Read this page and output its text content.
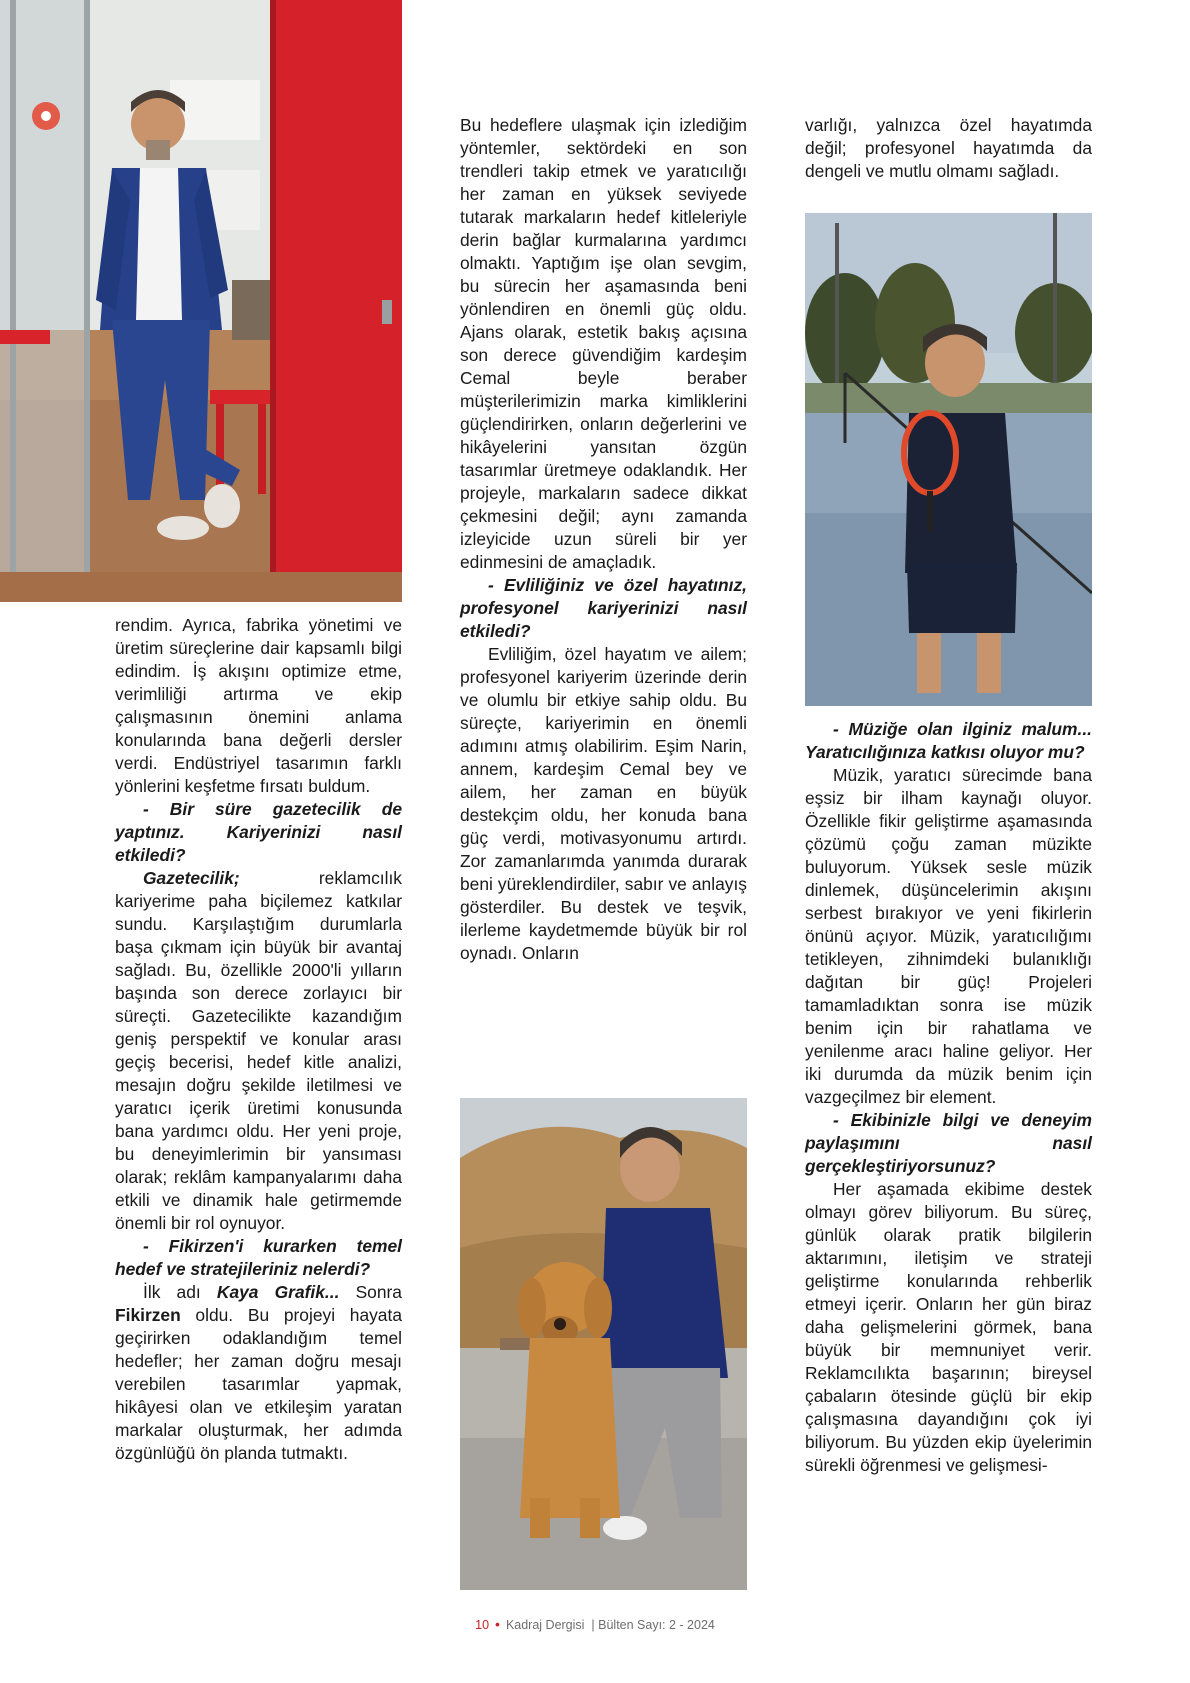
rendim. Ayrıca, fabrika yönetimi ve üretim süreçlerine dair kapsamlı bilgi edindim. İş akışını optimize etme, verimliliği artırma ve ekip çalışmasının önemini anlama konularında bana değerli dersler verdi. Endüstriyel tasarımın farklı yönlerini keşfetme fırsatı buldum.

- Bir süre gazetecilik de yaptınız. Kariyerinizi nasıl etkiledi?

Gazetecilik; reklamcılık kariyerime paha biçilemez katkılar sundu. Karşılaştığım durumlarla başa çıkmam için büyük bir avantaj sağladı. Bu, özellikle 2000'li yılların başında son derece zorlayıcı bir süreçti. Gazetecilikte kazandığım geniş perspektif ve konular arası geçiş becerisi, hedef kitle analizi, mesajın doğru şekilde iletilmesi ve yaratıcı içerik üretimi konusunda bana yardımcı oldu. Her yeni proje, bu deneyimlerimin bir yansıması olarak; reklâm kampanyalarımı daha etkili ve dinamik hale getirmemde önemli bir rol oynuyor.

- Fikirzen'i kurarken temel hedef ve stratejileriniz nelerdi?

İlk adı Kaya Grafik... Sonra Fikirzen oldu. Bu projeyi hayata geçirirken odaklandığım temel hedefler; her zaman doğru mesajı verebilen tasarımlar yapmak, hikâyesi olan ve etkileşim yaratan markalar oluşturmak, her adımda özgünlüğü ön planda tutmaktı.

Bu hedeflere ulaşmak için izlediğim yöntemler, sektördeki en son trendleri takip etmek ve yaratıcılığı her zaman en yüksek seviyede tutarak markaların hedef kitleleriyle derin bağlar kurmalarına yardımcı olmaktı. Yaptığım işe olan sevgim, bu sürecin her aşamasında beni yönlendiren en önemli güç oldu. Ajans olarak, estetik bakış açısına son derece güvendiğim kardeşim Cemal beyle beraber müşterilerimizin marka kimliklerini güçlendirirken, onların değerlerini ve hikâyelerini yansıtan özgün tasarımlar üretmeye odaklandık. Her projeyle, markaların sadece dikkat çekmesini değil; aynı zamanda izleyicide uzun süreli bir yer edinmesini de amaçladık.

- Evliliğiniz ve özel hayatınız, profesyonel kariyerinizi nasıl etkiledi?

Evliliğim, özel hayatım ve ailem; profesyonel kariyerim üzerinde derin ve olumlu bir etkiye sahip oldu. Bu süreçte, kariyerimin en önemli adımını atmış olabilirim. Eşim Narin, annem, kardeşim Cemal bey ve ailem, her zaman en büyük destekçim oldu, her konuda bana güç verdi, motivasyonumu artırdı. Zor zamanlarımda yanımda durarak beni yüreklendirdiler, sabır ve anlayış gösterdiler. Bu destek ve teşvik, ilerleme kaydetmemde büyük bir rol oynadı. Onların

varlığı, yalnızca özel hayatımda değil; profesyonel hayatımda da dengeli ve mutlu olmamı sağladı.

- Müziğe olan ilginiz malum... Yaratıcılığınıza katkısı oluyor mu?

Müzik, yaratıcı sürecimde bana eşsiz bir ilham kaynağı oluyor. Özellikle fikir geliştirme aşamasında çözümü çoğu zaman müzikte buluyorum. Yüksek sesle müzik dinlemek, düşüncelerimin akışını serbest bırakıyor ve yeni fikirlerin önünü açıyor. Müzik, yaratıcılığımı tetikleyen, zihnimdeki bulanıklığı dağıtan bir güç! Projeleri tamamladıktan sonra ise müzik benim için bir rahatlama ve yenilenme aracı haline geliyor. Her iki durumda da müzik benim için vazgeçilmez bir element.

- Ekibinizle bilgi ve deneyim paylaşımını nasıl gerçekleştiriyorsunuz?

Her aşamada ekibime destek olmayı görev biliyorum. Bu süreç, günlük olarak pratik bilgilerin aktarımını, iletişim ve strateji geliştirme konularında rehberlik etmeyi içerir. Onların her gün biraz daha gelişmelerini görmek, bana büyük bir memnuniyet verir. Reklamcılıkta başarının; bireysel çabaların ötesinde güçlü bir ekip çalışmasına dayandığını çok iyi biliyorum. Bu yüzden ekip üyelerimin sürekli öğrenmesi ve gelişmesi-

10 • Kadraj Dergisi | Bülten Sayı: 2 - 2024
